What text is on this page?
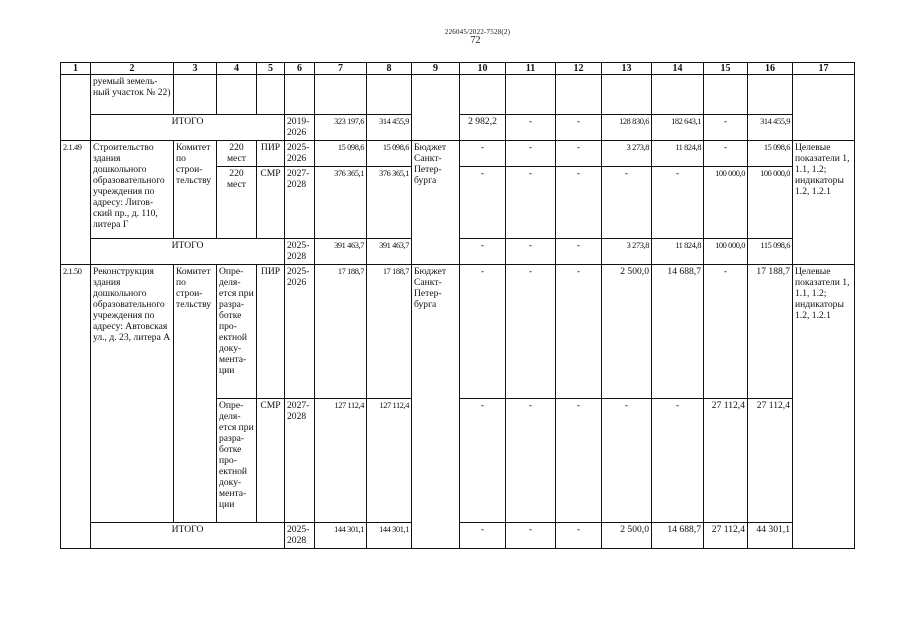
226045/2022-7528(2)
72
1	2	3	4	5	6	7	8	9	10	11	12	13	14	15	16	17
	руемый земель-ный участок № 22)															
	ИТОГО				2019-2026	323 197,6	314 455,9		2 982,2	-	-	128 830,6	182 643,1	-	314 455,9	
2.1.49	Строительство здания дошкольного образовательного учреждения по адресу: Лигов-ский пр., д. 110, литера Г	Комитет по строи-тельству	220 мест	ПИР	2025-2026	15 098,6	15 098,6	Бюджет Санкт-Петер-бурга	-	-	-	3 273,8	11 824,8	-	15 098,6	Целевые показатели 1, 1.1, 1.2; индикаторы 1.2, 1.2.1
			220 мест	СМР	2027-2028	376 365,1	376 365,1		-	-	-	-	-	100 000,0	100 000,0	
	ИТОГО				2025-2028	391 463,7	391 463,7		-	-	-	3 273,8	11 824,8	100 000,0	115 098,6	
2.1.50	Реконструкция здания дошкольного образовательного учреждения по адресу: Автовская ул., д. 23, литера А	Комитет по строи-тельству	Опре-деля-ется при разра-ботке про-ектной доку-мента-ции	ПИР	2025-2026	17 188,7	17 188,7	Бюджет Санкт-Петер-бурга	-	-	-	2 500,0	14 688,7	-	17 188,7	Целевые показатели 1, 1.1, 1.2; индикаторы 1.2, 1.2.1
			Опре-деля-ется при разра-ботке про-ектной доку-мента-ции	СМР	2027-2028	127 112,4	127 112,4		-	-	-	-	-	27 112,4	27 112,4	
	ИТОГО				2025-2028	144 301,1	144 301,1		-	-	-	2 500,0	14 688,7	27 112,4	44 301,1	
